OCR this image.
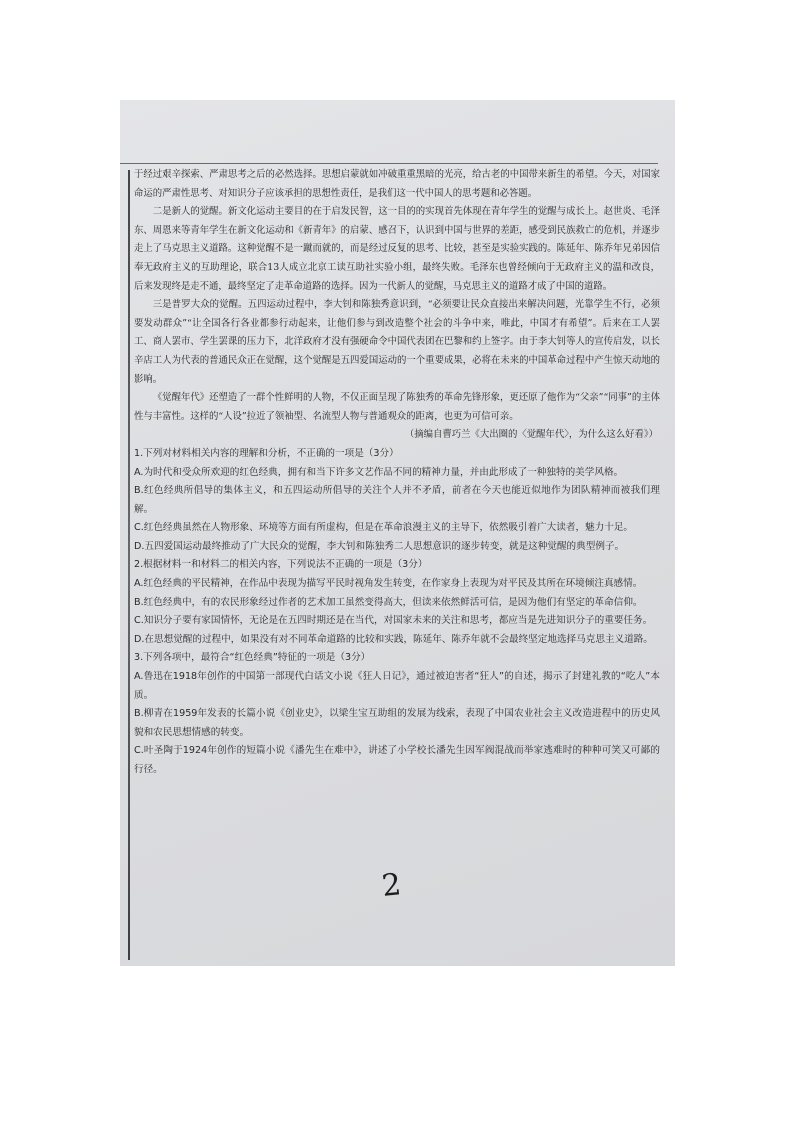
于经过艰辛探索、严肃思考之后的必然选择。思想启蒙就如冲破重重黑暗的光亮，给古老的中国带来新生的希望。今天，对国家命运的严肃性思考、对知识分子应该承担的思想性责任，是我们这一代中国人的思考题和必答题。

二是新人的觉醒。新文化运动主要目的在于启发民智，这一目的的实现首先体现在青年学生的觉醒与成长上。赵世炎、毛泽东、周恩来等青年学生在新文化运动和《新青年》的启蒙、感召下，认识到中国与世界的差距，感受到民族救亡的危机，并逐步走上了马克思主义道路。这种觉醒不是一蹴而就的，而是经过反复的思考、比较，甚至是实验实践的。陈延年、陈乔年兄弟因信奉无政府主义的互助理论，联合13人成立北京工读互助社实验小组，最终失败。毛泽东也曾经倾向于无政府主义的温和改良，后来发现终是走不通，最终坚定了走革命道路的选择。因为一代新人的觉醒，马克思主义的道路才成了中国的道路。

三是普罗大众的觉醒。五四运动过程中，李大钊和陈独秀意识到，“必须要让民众直接出来解决问题，光靠学生不行，必须要发动群众”“让全国各行各业都参行动起来，让他们参与到改造整个社会的斗争中来，唯此，中国才有希望”。后来在工人罢工、商人罢市、学生罢课的压力下，北洋政府才没有强硬命令中国代表团在巴黎和约上签字。由于李大钊等人的宣传启发，以长辛店工人为代表的普通民众正在觉醒，这个觉醒是五四爱国运动的一个重要成果，必将在未来的中国革命过程中产生惊天动地的影响。

《觉醒年代》还塑造了一群个性鲜明的人物，不仅正面呈现了陈独秀的革命先锋形象，更还原了他作为“父亲”“同事”的主体性与丰富性。这样的“人设”拉近了领袖型、名流型人物与普通观众的距离，也更为可信可亲。

（摘编自曹巧兰《大出圈的〈觉醒年代〉，为什么这么好看》）

1.下列对材料相关内容的理解和分析，不正确的一项是（3分）

A.为时代和受众所欢迎的红色经典，拥有和当下许多文艺作品不同的精神力量，并由此形成了一种独特的美学风格。

B.红色经典所倡导的集体主义，和五四运动所倡导的关注个人并不矛盾，前者在今天也能近似地作为团队精神而被我们理解。

C.红色经典虽然在人物形象、环境等方面有所虚构，但是在革命浪漫主义的主导下，依然吸引着广大读者，魅力十足。

D.五四爱国运动最终推动了广大民众的觉醒，李大钊和陈独秀二人思想意识的逐步转变，就是这种觉醒的典型例子。

2.根据材料一和材料二的相关内容，下列说法不正确的一项是（3分）

A.红色经典的平民精神，在作品中表现为描写平民时视角发生转变，在作家身上表现为对平民及其所在环境倾注真感情。

B.红色经典中，有的农民形象经过作者的艺术加工虽然变得高大，但读来依然鲜活可信，是因为他们有坚定的革命信仰。

C.知识分子要有家国情怀，无论是在五四时期还是在当代，对国家未来的关注和思考，都应当是先进知识分子的重要任务。

D.在思想觉醒的过程中，如果没有对不同革命道路的比较和实践，陈延年、陈乔年就不会最终坚定地选择马克思主义道路。

3.下列各项中，最符合“红色经典”特征的一项是（3分）

A.鲁迅在1918年创作的中国第一部现代白话文小说《狂人日记》，通过被迫害者“狂人”的自述，揭示了封建礼教的“吃人”本质。

B.柳青在1959年发表的长篇小说《创业史》，以梁生宝互助组的发展为线索，表现了中国农业社会主义改造进程中的历史风貌和农民思想情感的转变。

C.叶圣陶于1924年创作的短篇小说《潘先生在难中》，讲述了小学校长潘先生因军阀混战而举家逃难时的种种可笑又可鄙的行径。

2
